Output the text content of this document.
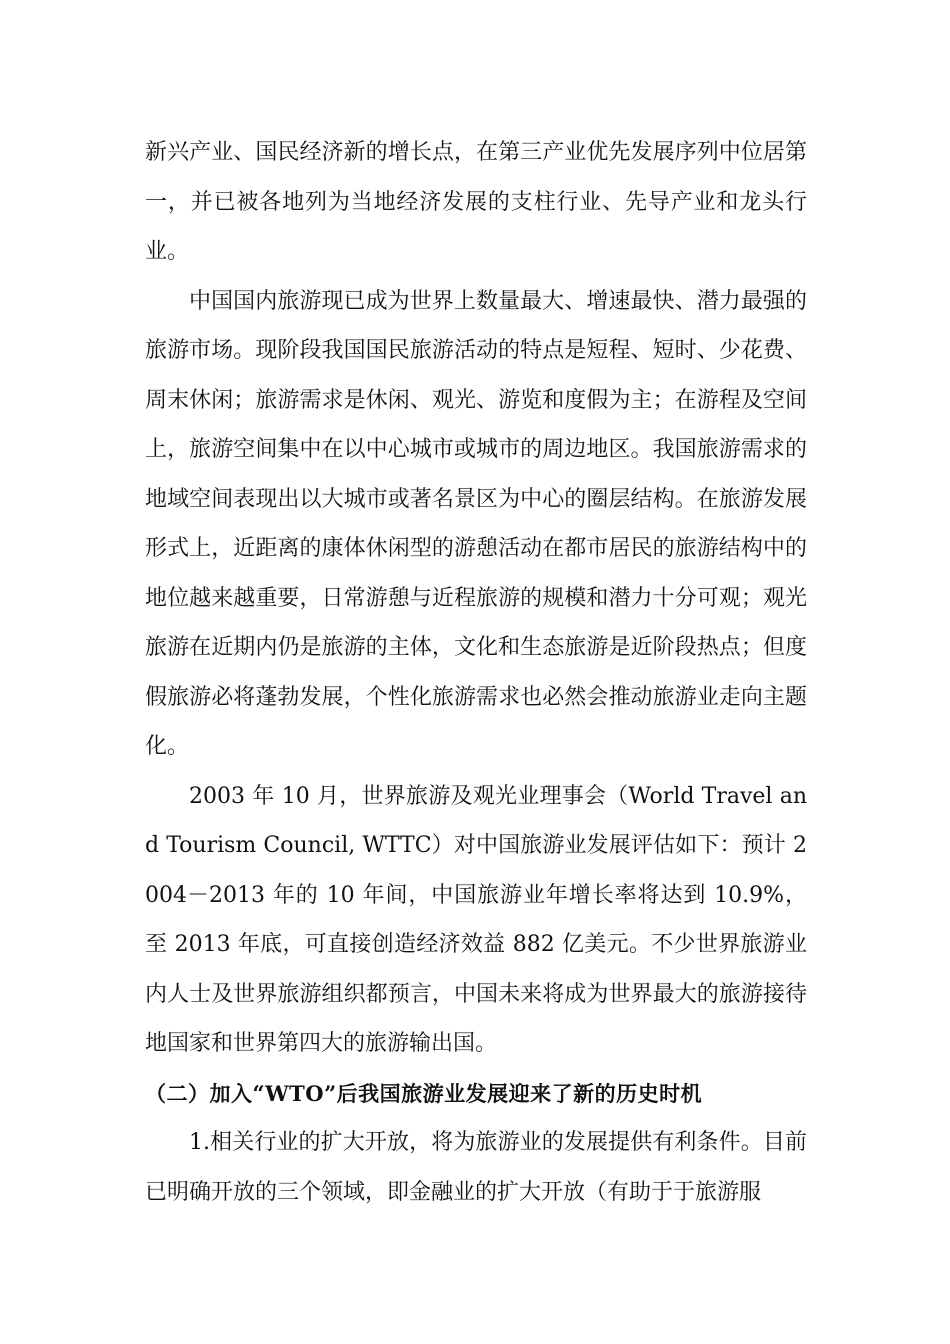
新兴产业、国民经济新的增长点，在第三产业优先发展序列中位居第一，并已被各地列为当地经济发展的支柱行业、先导产业和龙头行业。

中国国内旅游现已成为世界上数量最大、增速最快、潜力最强的旅游市场。现阶段我国国民旅游活动的特点是短程、短时、少花费、周末休闲；旅游需求是休闲、观光、游览和度假为主；在游程及空间上，旅游空间集中在以中心城市或城市的周边地区。我国旅游需求的地域空间表现出以大城市或著名景区为中心的圈层结构。在旅游发展形式上，近距离的康体休闲型的游憩活动在都市居民的旅游结构中的地位越来越重要，日常游憩与近程旅游的规模和潜力十分可观；观光旅游在近期内仍是旅游的主体，文化和生态旅游是近阶段热点；但度假旅游必将蓬勃发展，个性化旅游需求也必然会推动旅游业走向主题化。

2003 年 10 月，世界旅游及观光业理事会（World Travel and Tourism Council, WTTC）对中国旅游业发展评估如下：预计 2004－2013 年的 10 年间，中国旅游业年增长率将达到 10.9%，至 2013 年底，可直接创造经济效益 882 亿美元。不少世界旅游业内人士及世界旅游组织都预言，中国未来将成为世界最大的旅游接待地国家和世界第四大的旅游输出国。

（二）加入“WTO”后我国旅游业发展迎来了新的历史时机

1.相关行业的扩大开放，将为旅游业的发展提供有利条件。目前已明确开放的三个领域，即金融业的扩大开放（有助于于旅游服
